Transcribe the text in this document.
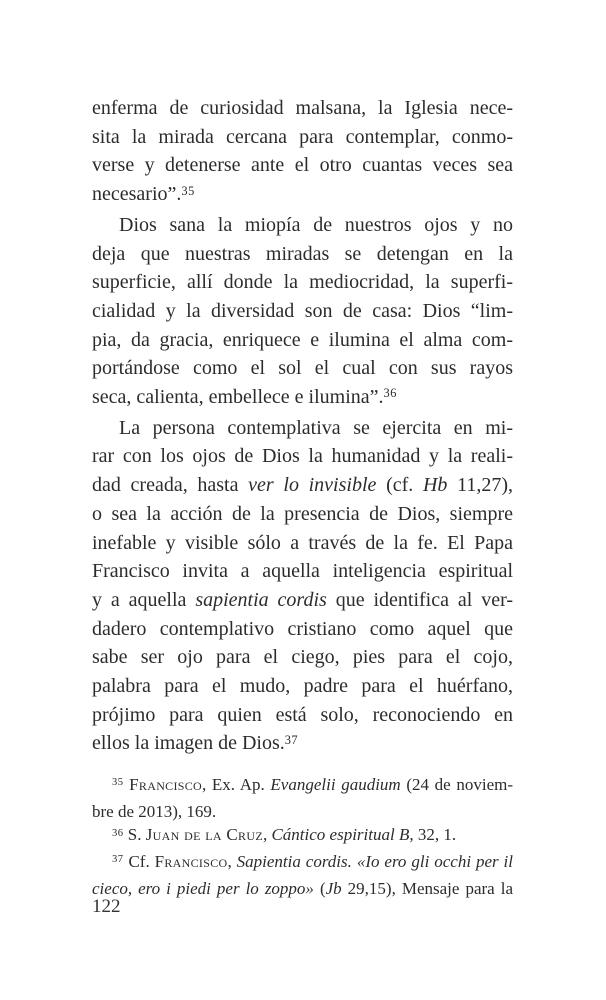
enferma de curiosidad malsana, la Iglesia nece-
sita la mirada cercana para contemplar, conmo-
verse y detenerse ante el otro cuantas veces sea
necesario”.$^{35}$
Dios sana la miopía de nuestros ojos y no
deja que nuestras miradas se detengan en la
superficie, allí donde la mediocridad, la superfi-
cialidad y la diversidad son de casa: Dios “lim-
pia, da gracia, enriquece e ilumina el alma com-
portándose como el sol el cual con sus rayos
seca, calienta, embellece e ilumina”.$^{36}$
La persona contemplativa se ejercita en mi-
rar con los ojos de Dios la humanidad y la reali-
dad creada, hasta ver lo invisible (cf. Hb 11,27),
o sea la acción de la presencia de Dios, siempre
inefable y visible sólo a través de la fe. El Papa
Francisco invita a aquella inteligencia espiritual
y a aquella sapientia cordis que identifica al ver-
dadero contemplativo cristiano como aquel que
sabe ser ojo para el ciego, pies para el cojo,
palabra para el mudo, padre para el huérfano,
prójimo para quien está solo, reconociendo en
ellos la imagen de Dios.$^{37}$
$^{35}$ Francisco, Ex. Ap. Evangelii gaudium (24 de noviem-
bre de 2013), 169.
$^{36}$ S. Juan de la Cruz, Cántico espiritual B, 32, 1.
$^{37}$ Cf. Francisco, Sapientia cordis. «Io ero gli occhi per il
cieco, ero i piedi per lo zoppo» (Jb 29,15), Mensaje para la
122
